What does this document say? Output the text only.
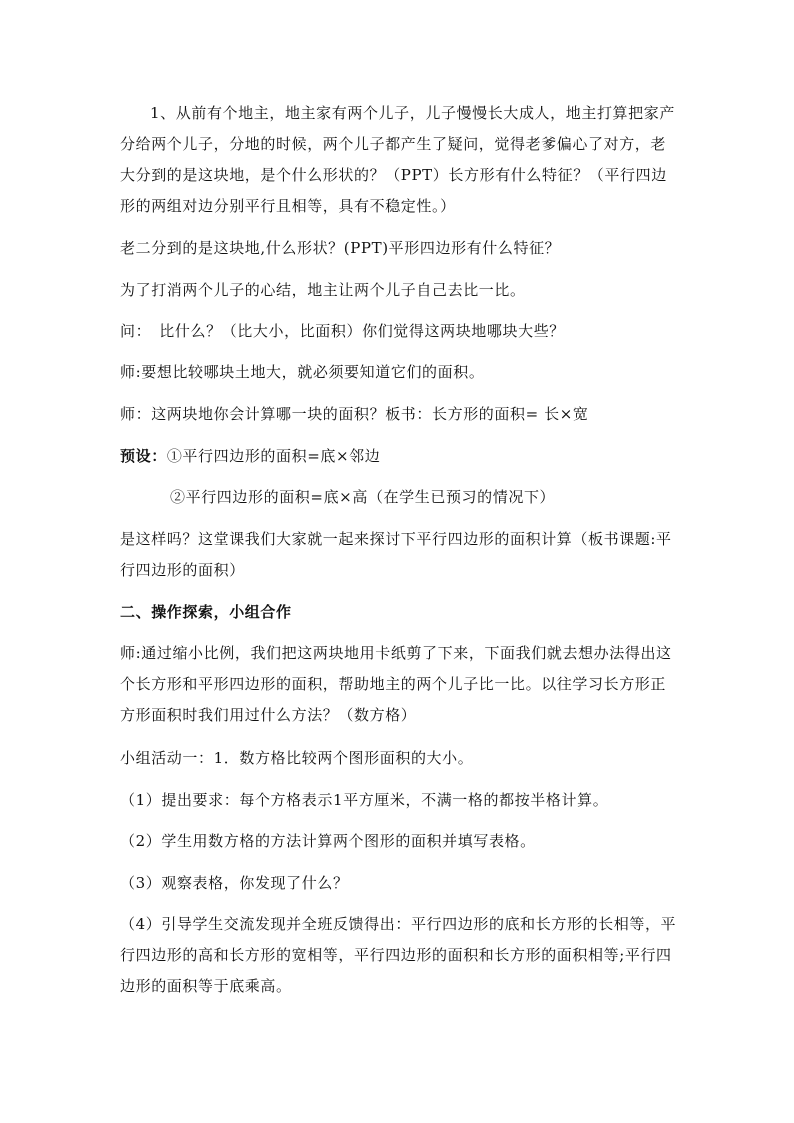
1、从前有个地主，地主家有两个儿子，儿子慢慢长大成人，地主打算把家产分给两个儿子，分地的时候，两个儿子都产生了疑问，觉得老爹偏心了对方，老大分到的是这块地，是个什么形状的？（PPT）长方形有什么特征？（平行四边形的两组对边分别平行且相等，具有不稳定性。）

老二分到的是这块地,什么形状？(PPT)平形四边形有什么特征？

为了打消两个儿子的心结，地主让两个儿子自己去比一比。

问：　比什么？（比大小，比面积）你们觉得这两块地哪块大些？

师:要想比较哪块土地大，就必须要知道它们的面积。

师：这两块地你会计算哪一块的面积？板书：长方形的面积= 长×宽

预设：①平行四边形的面积=底×邻边

②平行四边形的面积=底×高（在学生已预习的情况下）

是这样吗？这堂课我们大家就一起来探讨下平行四边形的面积计算（板书课题:平行四边形的面积）

二、操作探索，小组合作

师:通过缩小比例，我们把这两块地用卡纸剪了下来，下面我们就去想办法得出这个长方形和平形四边形的面积，帮助地主的两个儿子比一比。以往学习长方形正方形面积时我们用过什么方法？（数方格）

小组活动一：1．数方格比较两个图形面积的大小。

（1）提出要求：每个方格表示1平方厘米，不满一格的都按半格计算。

（2）学生用数方格的方法计算两个图形的面积并填写表格。

（3）观察表格，你发现了什么？

（4）引导学生交流发现并全班反馈得出：平行四边形的底和长方形的长相等，平行四边形的高和长方形的宽相等，平行四边形的面积和长方形的面积相等;平行四边形的面积等于底乘高。
